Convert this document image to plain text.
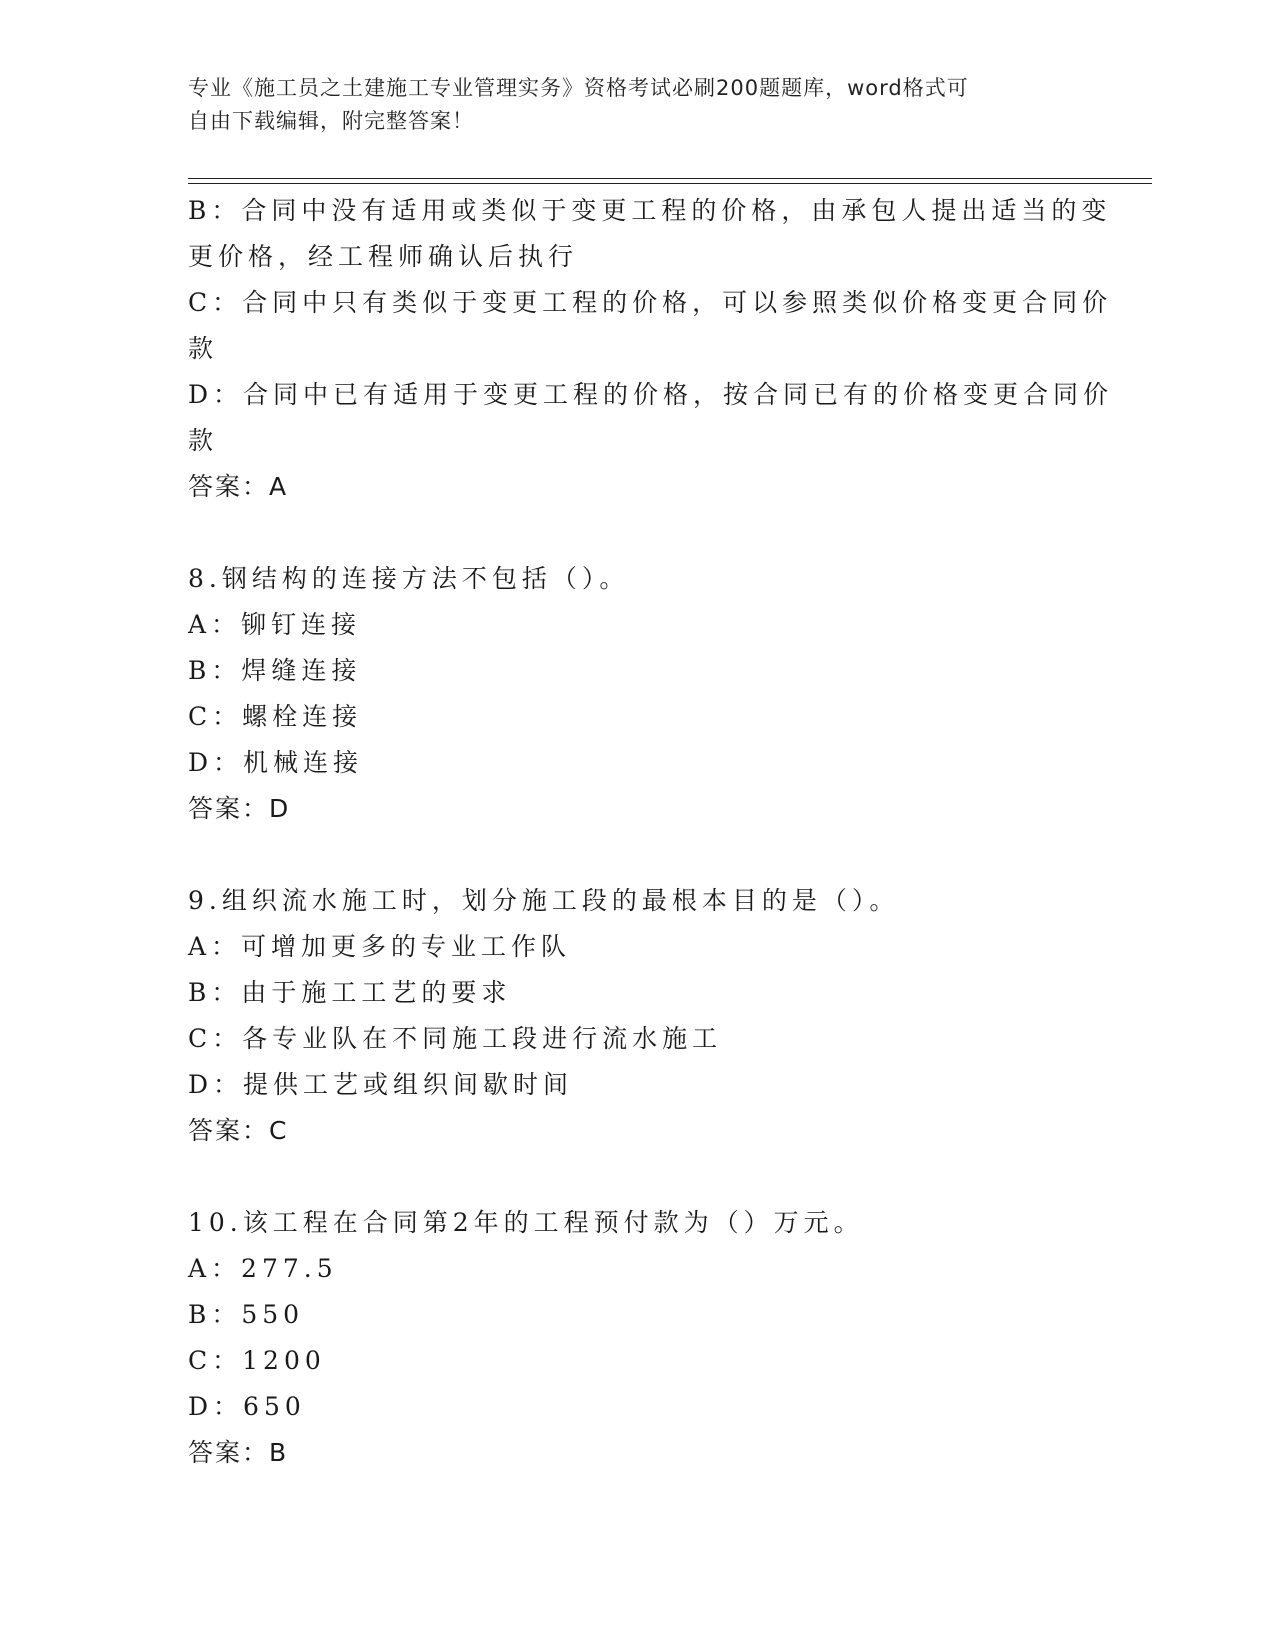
专业《施工员之土建施工专业管理实务》资格考试必刷200题题库，word格式可
自由下载编辑，附完整答案！
B：合同中没有适用或类似于变更工程的价格，由承包人提出适当的变
更价格，经工程师确认后执行
C：合同中只有类似于变更工程的价格，可以参照类似价格变更合同价
款
D：合同中已有适用于变更工程的价格，按合同已有的价格变更合同价
款
答案：A
8.钢结构的连接方法不包括（）。
A：铆钉连接
B：焊缝连接
C：螺栓连接
D：机械连接
答案：D
9.组织流水施工时，划分施工段的最根本目的是（）。
A：可增加更多的专业工作队
B：由于施工工艺的要求
C：各专业队在不同施工段进行流水施工
D：提供工艺或组织间歇时间
答案：C
10.该工程在合同第2年的工程预付款为（）万元。
A：277.5
B：550
C：1200
D：650
答案：B
